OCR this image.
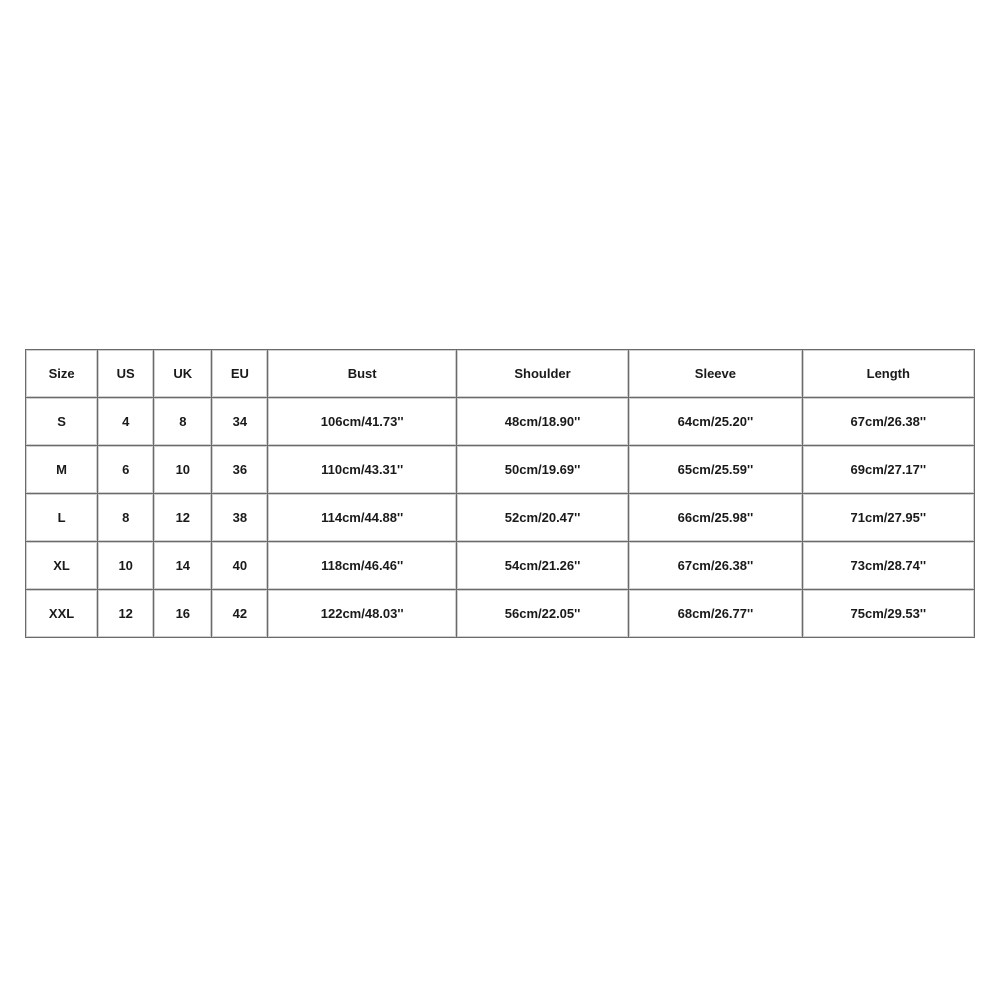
Size	US	UK	EU	Bust	Shoulder	Sleeve	Length
S	4	8	34	106cm/41.73''	48cm/18.90''	64cm/25.20''	67cm/26.38''
M	6	10	36	110cm/43.31''	50cm/19.69''	65cm/25.59''	69cm/27.17''
L	8	12	38	114cm/44.88''	52cm/20.47''	66cm/25.98''	71cm/27.95''
XL	10	14	40	118cm/46.46''	54cm/21.26''	67cm/26.38''	73cm/28.74''
XXL	12	16	42	122cm/48.03''	56cm/22.05''	68cm/26.77''	75cm/29.53''
